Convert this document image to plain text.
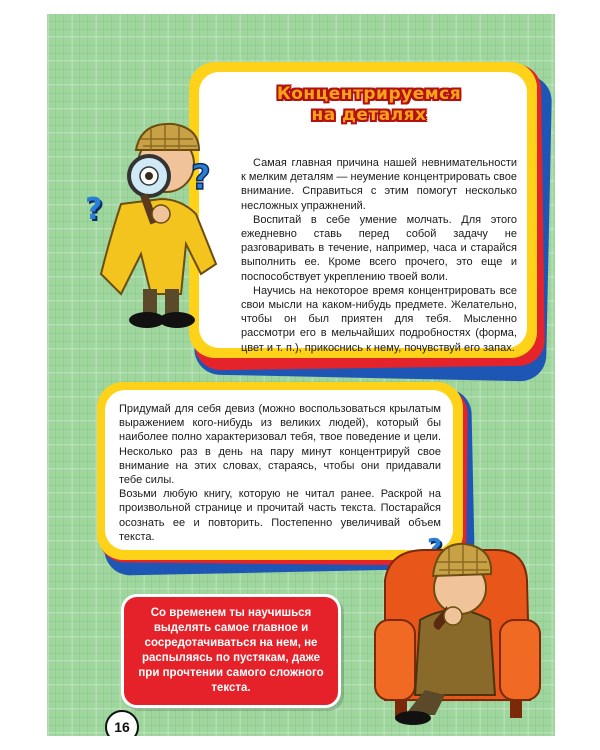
Концентрируемся
на деталях

Самая главная причина нашей невнимательности к мелким деталям — неумение концентрировать свое внимание. Справиться с этим помогут несколько несложных упражнений.

Воспитай в себе умение молчать. Для этого ежедневно ставь перед собой задачу не разговаривать в течение, например, часа и старайся выполнить ее. Кроме всего прочего, это еще и поспособствует укреплению твоей воли.

Научись на некоторое время концентрировать все свои мысли на каком-нибудь предмете. Желательно, чтобы он был приятен для тебя. Мысленно рассмотри его в мельчайших подробностях (форма, цвет и т. п.), прикоснись к нему, почувствуй его запах.

?
?

Придумай для себя девиз (можно воспользоваться крылатым выражением кого-нибудь из великих людей), который бы наиболее полно характеризовал тебя, твое поведение и цели. Несколько раз в день на пару минут концентрируй свое внимание на этих словах, стараясь, чтобы они придавали тебе силы.

Возьми любую книгу, которую не читал ранее. Раскрой на произвольной странице и прочитай часть текста. Постарайся осознать ее и повторить. Постепенно увеличивай объем текста.

Со временем ты научишься выделять самое главное и сосредотачиваться на нем, не распыляясь по пустякам, даже при прочтении самого сложного текста.
16
